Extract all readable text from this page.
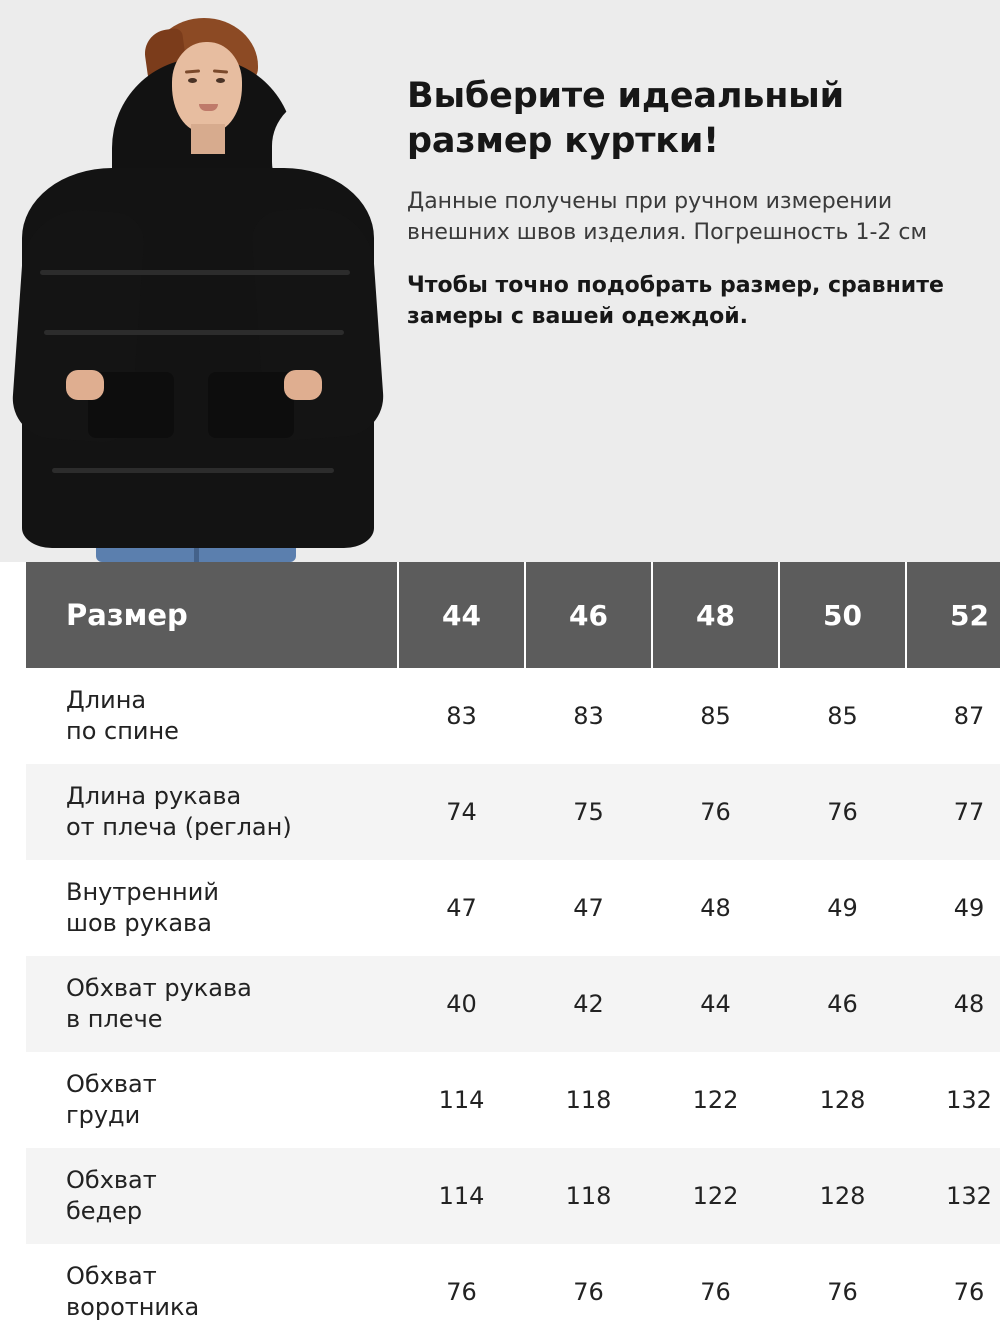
Выберите идеальный размер куртки!

Данные получены при ручном измерении внешних швов изделия. Погрешность 1-2 см

Чтобы точно подобрать размер, сравните замеры с вашей одеждой.

Размер	44	46	48	50	52

Длина
по спине	83	83	85	85	87

Длина рукава
от плеча (реглан)	74	75	76	76	77

Внутренний
шов рукава	47	47	48	49	49

Обхват рукава
в плече	40	42	44	46	48

Обхват
груди	114	118	122	128	132

Обхват
бедер	114	118	122	128	132

Обхват
воротника	76	76	76	76	76
